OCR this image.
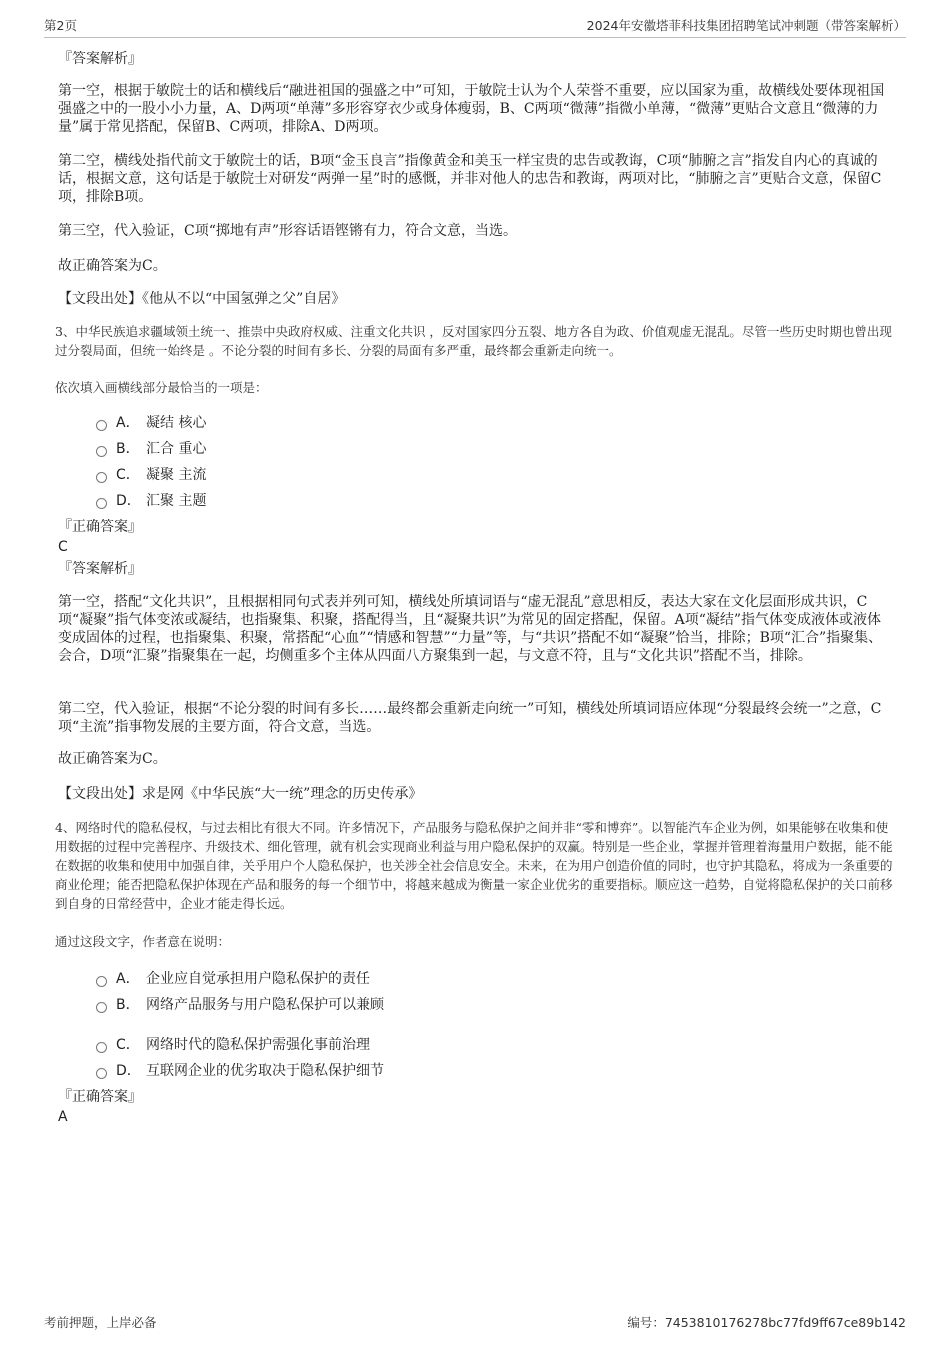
第2页	2024年安徽塔菲科技集团招聘笔试冲刺题（带答案解析）
『答案解析』

第一空，根据于敏院士的话和横线后“融进祖国的强盛之中”可知，于敏院士认为个人荣誉不重要，应以国家为重，故横线处要体现祖国强盛之中的一股小小力量，A、D两项“单薄”多形容穿衣少或身体瘦弱，B、C两项“微薄”指微小单薄，“微薄”更贴合文意且“微薄的力量”属于常见搭配，保留B、C两项，排除A、D两项。

第二空，横线处指代前文于敏院士的话，B项“金玉良言”指像黄金和美玉一样宝贵的忠告或教诲，C项“肺腑之言”指发自内心的真诚的话，根据文意，这句话是于敏院士对研发“两弹一星”时的感慨，并非对他人的忠告和教诲，两项对比，“肺腑之言”更贴合文意，保留C项，排除B项。

第三空，代入验证，C项“掷地有声”形容话语铿锵有力，符合文意，当选。

故正确答案为C。

【文段出处】《他从不以“中国氢弹之父”自居》

3、中华民族追求疆域领土统一、推崇中央政府权威、注重文化共识 ，反对国家四分五裂、地方各自为政、价值观虚无混乱。尽管一些历史时期也曾出现过分裂局面，但统一始终是 。不论分裂的时间有多长、分裂的局面有多严重，最终都会重新走向统一。

依次填入画横线部分最恰当的一项是：

A． 凝结 核心
B． 汇合 重心
C． 凝聚 主流
D． 汇聚 主题
『正确答案』
C
『答案解析』

第一空，搭配“文化共识”，且根据相同句式表并列可知，横线处所填词语与“虚无混乱”意思相反，表达大家在文化层面形成共识，C项“凝聚”指气体变浓或凝结，也指聚集、积聚，搭配得当，且“凝聚共识”为常见的固定搭配，保留。A项“凝结”指气体变成液体或液体变成固体的过程，也指聚集、积聚，常搭配“心血”“情感和智慧”“力量”等，与“共识”搭配不如“凝聚”恰当，排除；B项“汇合”指聚集、会合，D项“汇聚”指聚集在一起，均侧重多个主体从四面八方聚集到一起，与文意不符，且与“文化共识”搭配不当，排除。

第二空，代入验证，根据“不论分裂的时间有多长……最终都会重新走向统一”可知，横线处所填词语应体现“分裂最终会统一”之意，C项“主流”指事物发展的主要方面，符合文意，当选。

故正确答案为C。

【文段出处】求是网《中华民族“大一统”理念的历史传承》

4、网络时代的隐私侵权，与过去相比有很大不同。许多情况下，产品服务与隐私保护之间并非“零和博弈”。以智能汽车企业为例，如果能够在收集和使用数据的过程中完善程序、升级技术、细化管理，就有机会实现商业利益与用户隐私保护的双赢。特别是一些企业，掌握并管理着海量用户数据，能不能在数据的收集和使用中加强自律，关乎用户个人隐私保护，也关涉全社会信息安全。未来，在为用户创造价值的同时，也守护其隐私，将成为一条重要的商业伦理；能否把隐私保护体现在产品和服务的每一个细节中，将越来越成为衡量一家企业优劣的重要指标。顺应这一趋势，自觉将隐私保护的关口前移到自身的日常经营中，企业才能走得长远。

通过这段文字，作者意在说明：

A． 企业应自觉承担用户隐私保护的责任
B． 网络产品服务与用户隐私保护可以兼顾
C． 网络时代的隐私保护需强化事前治理
D． 互联网企业的优劣取决于隐私保护细节
『正确答案』
A
考前押题，上岸必备	编号：7453810176278bc77fd9ff67ce89b142
